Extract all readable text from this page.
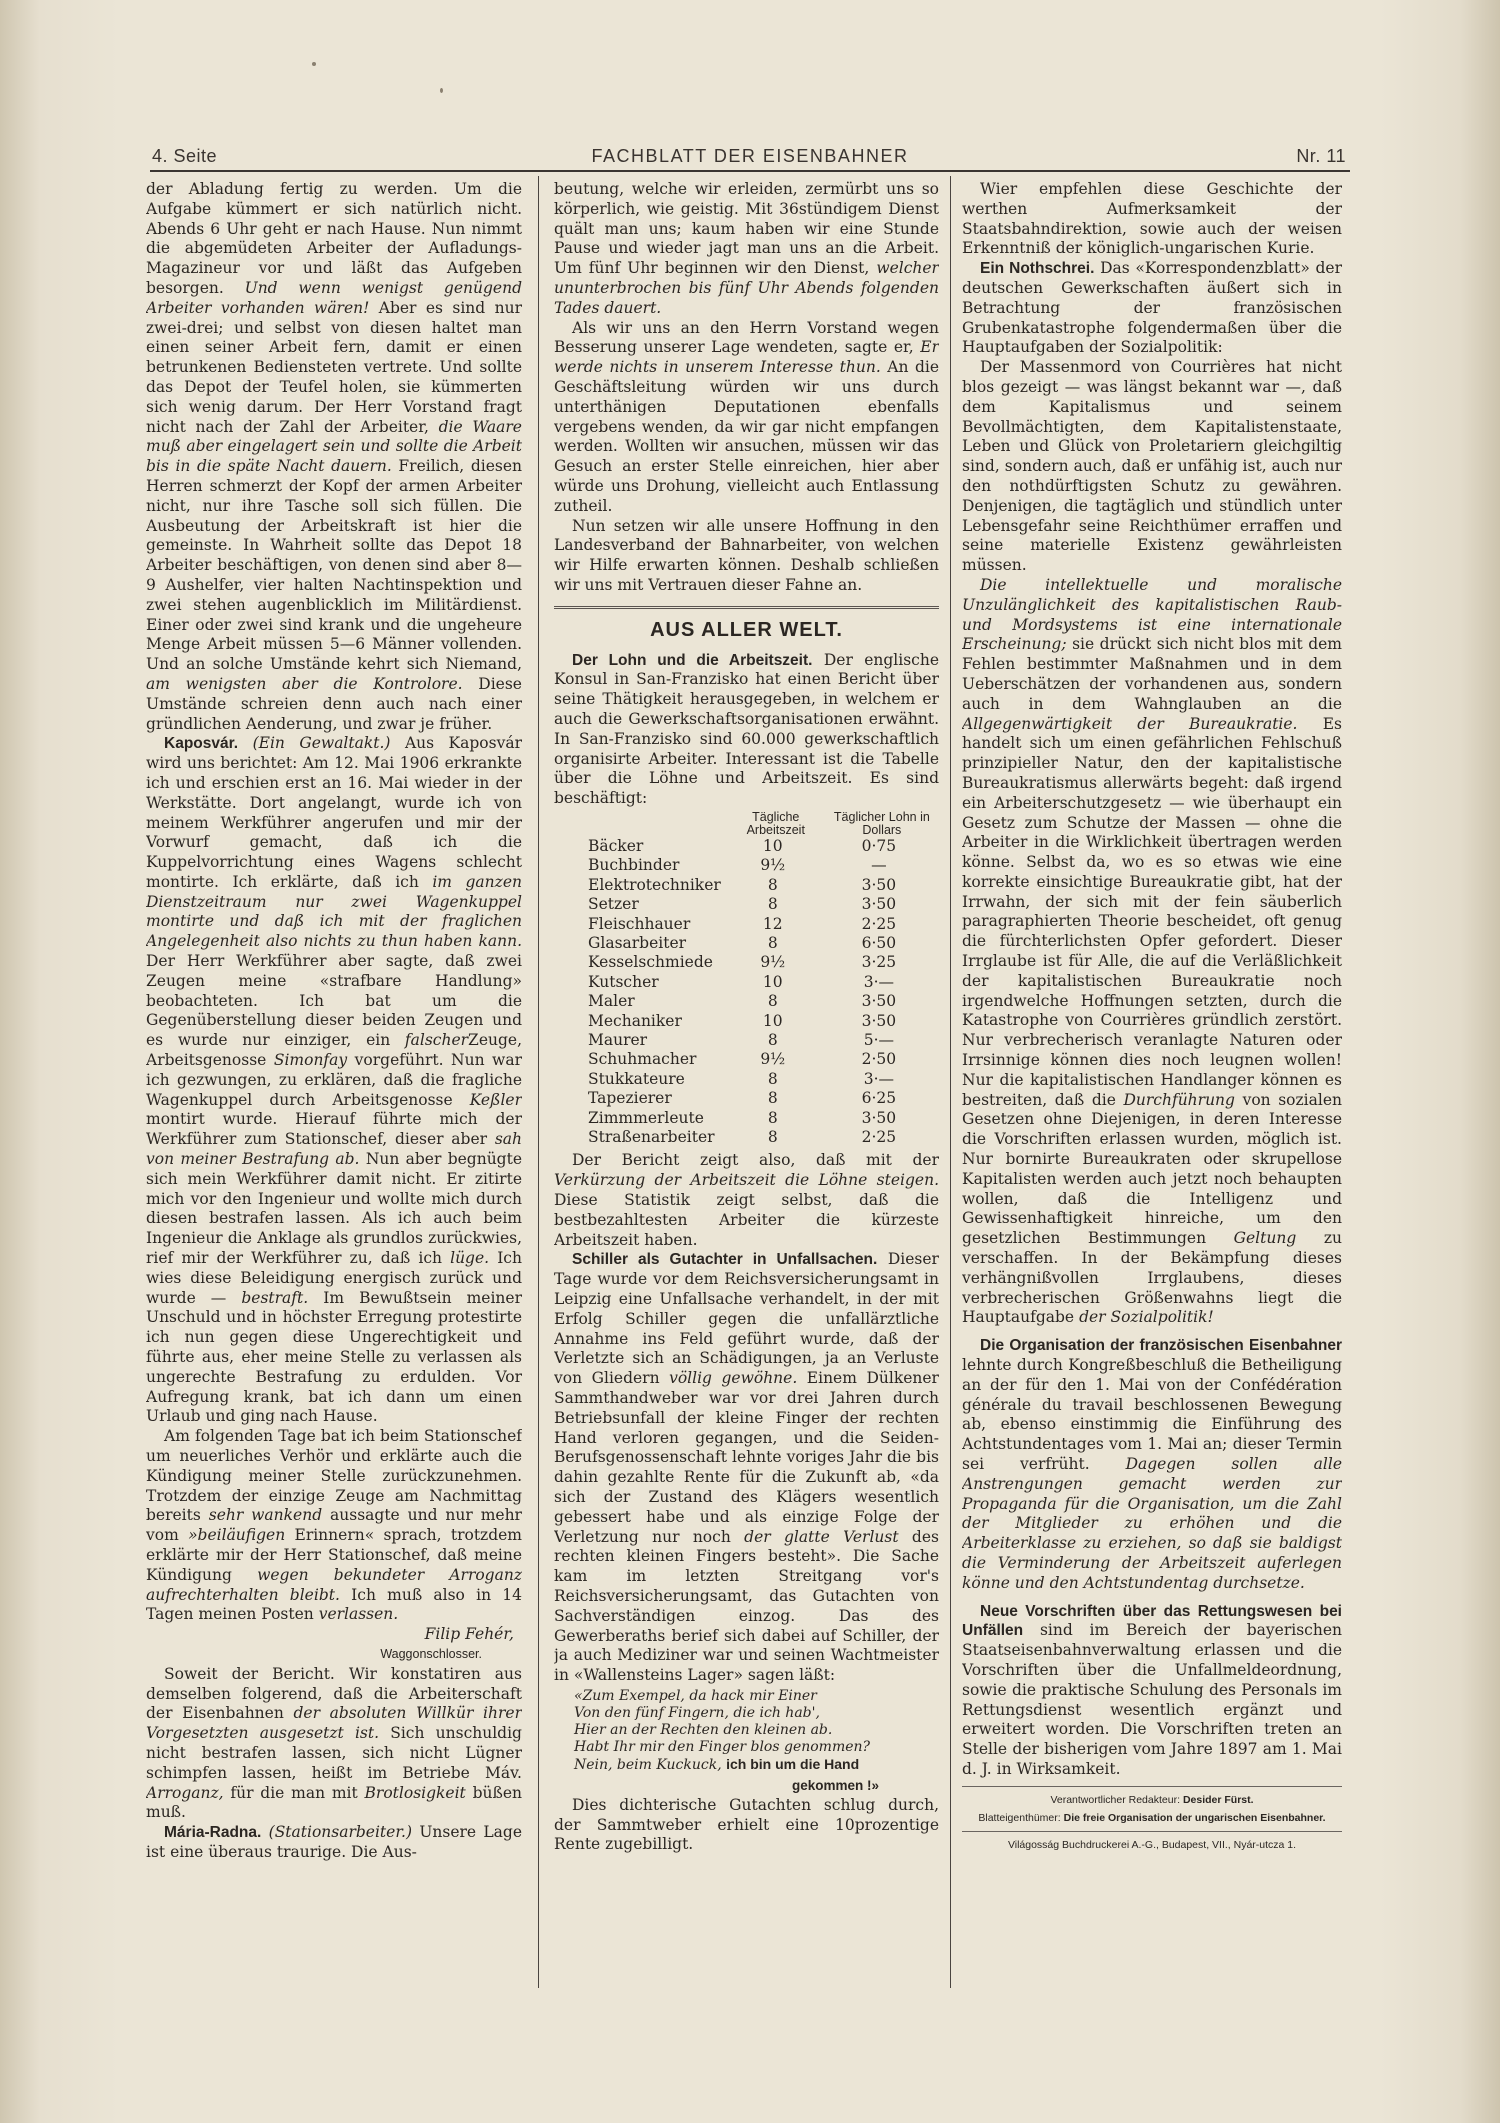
4. Seite	FACHBLATT DER EISENBAHNER	Nr. 11

der Abladung fertig zu werden. Um die Aufgabe kümmert er sich natürlich nicht. Abends 6 Uhr geht er nach Hause. Nun nimmt die abgemüdeten Arbeiter der Aufladungs-Magazineur vor und läßt das Aufgeben besorgen. Und wenn wenigst genügend Arbeiter vorhanden wären! Aber es sind nur zwei-drei; und selbst von diesen haltet man einen seiner Arbeit fern, damit er einen betrunkenen Bediensteten vertrete. Und sollte das Depot der Teufel holen, sie kümmerten sich wenig darum. Der Herr Vorstand fragt nicht nach der Zahl der Arbeiter, die Waare muß aber eingelagert sein und sollte die Arbeit bis in die späte Nacht dauern. Freilich, diesen Herren schmerzt der Kopf der armen Arbeiter nicht, nur ihre Tasche soll sich füllen. Die Ausbeutung der Arbeitskraft ist hier die gemeinste. In Wahrheit sollte das Depot 18 Arbeiter beschäftigen, von denen sind aber 8—9 Aushelfer, vier halten Nachtinspektion und zwei stehen augenblicklich im Militärdienst. Einer oder zwei sind krank und die ungeheure Menge Arbeit müssen 5—6 Männer vollenden. Und an solche Umstände kehrt sich Niemand, am wenigsten aber die Kontrolore. Diese Umstände schreien denn auch nach einer gründlichen Aenderung, und zwar je früher.

Kaposvár. (Ein Gewaltakt.) Aus Kaposvár wird uns berichtet: Am 12. Mai 1906 erkrankte ich und erschien erst an 16. Mai wieder in der Werkstätte. Dort angelangt, wurde ich von meinem Werkführer angerufen und mir der Vorwurf gemacht, daß ich die Kuppelvorrichtung eines Wagens schlecht montirte. Ich erklärte, daß ich im ganzen Dienstzeitraum nur zwei Wagenkuppel montirte und daß ich mit der fraglichen Angelegenheit also nichts zu thun haben kann. Der Herr Werkführer aber sagte, daß zwei Zeugen meine «strafbare Handlung» beobachteten. Ich bat um die Gegenüberstellung dieser beiden Zeugen und es wurde nur einziger, ein falscherZeuge, Arbeitsgenosse Simonfay vorgeführt. Nun war ich gezwungen, zu erklären, daß die fragliche Wagenkuppel durch Arbeitsgenosse Keßler montirt wurde. Hierauf führte mich der Werkführer zum Stationschef, dieser aber sah von meiner Bestrafung ab. Nun aber begnügte sich mein Werkführer damit nicht. Er zitirte mich vor den Ingenieur und wollte mich durch diesen bestrafen lassen. Als ich auch beim Ingenieur die Anklage als grundlos zurückwies, rief mir der Werkführer zu, daß ich lüge. Ich wies diese Beleidigung energisch zurück und wurde — bestraft. Im Bewußtsein meiner Unschuld und in höchster Erregung protestirte ich nun gegen diese Ungerechtigkeit und führte aus, eher meine Stelle zu verlassen als ungerechte Bestrafung zu erdulden. Vor Aufregung krank, bat ich dann um einen Urlaub und ging nach Hause.

Am folgenden Tage bat ich beim Stationschef um neuerliches Verhör und erklärte auch die Kündigung meiner Stelle zurückzunehmen. Trotzdem der einzige Zeuge am Nachmittag bereits sehr wankend aussagte und nur mehr vom »beiläufigen Erinnern« sprach, trotzdem erklärte mir der Herr Stationschef, daß meine Kündigung wegen bekundeter Arroganz aufrechterhalten bleibt. Ich muß also in 14 Tagen meinen Posten verlassen.

Filip Fehér,
Waggonschlosser.

Soweit der Bericht. Wir konstatiren aus demselben folgerend, daß die Arbeiterschaft der Eisenbahnen der absoluten Willkür ihrer Vorgesetzten ausgesetzt ist. Sich unschuldig nicht bestrafen lassen, sich nicht Lügner schimpfen lassen, heißt im Betriebe Máv. Arroganz, für die man mit Brotlosigkeit büßen muß.

Mária-Radna. (Stationsarbeiter.) Unsere Lage ist eine überaus traurige. Die Aus-

beutung, welche wir erleiden, zermürbt uns so körperlich, wie geistig. Mit 36stündigem Dienst quält man uns; kaum haben wir eine Stunde Pause und wieder jagt man uns an die Arbeit. Um fünf Uhr beginnen wir den Dienst, welcher ununterbrochen bis fünf Uhr Abends folgenden Tades dauert.

Als wir uns an den Herrn Vorstand wegen Besserung unserer Lage wendeten, sagte er, Er werde nichts in unserem Interesse thun. An die Geschäftsleitung würden wir uns durch unterthänigen Deputationen ebenfalls vergebens wenden, da wir gar nicht empfangen werden. Wollten wir ansuchen, müssen wir das Gesuch an erster Stelle einreichen, hier aber würde uns Drohung, vielleicht auch Entlassung zutheil.

Nun setzen wir alle unsere Hoffnung in den Landesverband der Bahnarbeiter, von welchen wir Hilfe erwarten können. Deshalb schließen wir uns mit Vertrauen dieser Fahne an.

AUS ALLER WELT.

Der Lohn und die Arbeitszeit. Der englische Konsul in San-Franzisko hat einen Bericht über seine Thätigkeit herausgegeben, in welchem er auch die Gewerkschaftsorganisationen erwähnt. In San-Franzisko sind 60.000 gewerkschaftlich organisirte Arbeiter. Interessant ist die Tabelle über die Löhne und Arbeitszeit. Es sind beschäftigt:

	Tägliche Arbeitszeit	Täglicher Lohn in Dollars
Bäcker	10	0·75
Buchbinder	9½	—
Elektrotechniker	8	3·50
Setzer	8	3·50
Fleischhauer	12	2·25
Glasarbeiter	8	6·50
Kesselschmiede	9½	3·25
Kutscher	10	3·—
Maler	8	3·50
Mechaniker	10	3·50
Maurer	8	5·—
Schuhmacher	9½	2·50
Stukkateure	8	3·—
Tapezierer	8	6·25
Zimmmerleute	8	3·50
Straßenarbeiter	8	2·25

Der Bericht zeigt also, daß mit der Verkürzung der Arbeitszeit die Löhne steigen. Diese Statistik zeigt selbst, daß die bestbezahltesten Arbeiter die kürzeste Arbeitszeit haben.

Schiller als Gutachter in Unfallsachen. Dieser Tage wurde vor dem Reichsversicherungsamt in Leipzig eine Unfallsache verhandelt, in der mit Erfolg Schiller gegen die unfallärztliche Annahme ins Feld geführt wurde, daß der Verletzte sich an Schädigungen, ja an Verluste von Gliedern völlig gewöhne. Einem Dülkener Sammthandweber war vor drei Jahren durch Betriebsunfall der kleine Finger der rechten Hand verloren gegangen, und die Seiden-Berufsgenossenschaft lehnte voriges Jahr die bis dahin gezahlte Rente für die Zukunft ab, «da sich der Zustand des Klägers wesentlich gebessert habe und als einzige Folge der Verletzung nur noch der glatte Verlust des rechten kleinen Fingers besteht». Die Sache kam im letzten Streitgang vor's Reichsversicherungsamt, das Gutachten von Sachverständigen einzog. Das des Gewerberaths berief sich dabei auf Schiller, der ja auch Mediziner war und seinen Wachtmeister in «Wallensteins Lager» sagen läßt:

«Zum Exempel, da hack mir Einer
Von den fünf Fingern, die ich hab',
Hier an der Rechten den kleinen ab.
Habt Ihr mir den Finger blos genommen?
Nein, beim Kuckuck, ich bin um die Hand
gekommen !»

Dies dichterische Gutachten schlug durch, der Sammtweber erhielt eine 10prozentige Rente zugebilligt.

Wier empfehlen diese Geschichte der werthen Aufmerksamkeit der Staatsbahndirektion, sowie auch der weisen Erkenntniß der königlich-ungarischen Kurie.

Ein Nothschrei. Das «Korrespondenzblatt» der deutschen Gewerkschaften äußert sich in Betrachtung der französischen Grubenkatastrophe folgendermaßen über die Hauptaufgaben der Sozialpolitik:

Der Massenmord von Courrières hat nicht blos gezeigt — was längst bekannt war —, daß dem Kapitalismus und seinem Bevollmächtigten, dem Kapitalistenstaate, Leben und Glück von Proletariern gleichgiltig sind, sondern auch, daß er unfähig ist, auch nur den nothdürftigsten Schutz zu gewähren. Denjenigen, die tagtäglich und stündlich unter Lebensgefahr seine Reichthümer erraffen und seine materielle Existenz gewährleisten müssen.

Die intellektuelle und moralische Unzulänglichkeit des kapitalistischen Raub- und Mordsystems ist eine internationale Erscheinung; sie drückt sich nicht blos mit dem Fehlen bestimmter Maßnahmen und in dem Ueberschätzen der vorhandenen aus, sondern auch in dem Wahnglauben an die Allgegenwärtigkeit der Bureaukratie. Es handelt sich um einen gefährlichen Fehlschuß prinzipieller Natur, den der kapitalistische Bureaukratismus allerwärts begeht: daß irgend ein Arbeiterschutzgesetz — wie überhaupt ein Gesetz zum Schutze der Massen — ohne die Arbeiter in die Wirklichkeit übertragen werden könne. Selbst da, wo es so etwas wie eine korrekte einsichtige Bureaukratie gibt, hat der Irrwahn, der sich mit der fein säuberlich paragraphierten Theorie bescheidet, oft genug die fürchterlichsten Opfer gefordert. Dieser Irrglaube ist für Alle, die auf die Verläßlichkeit der kapitalistischen Bureaukratie noch irgendwelche Hoffnungen setzten, durch die Katastrophe von Courrières gründlich zerstört. Nur verbrecherisch veranlagte Naturen oder Irrsinnige können dies noch leugnen wollen! Nur die kapitalistischen Handlanger können es bestreiten, daß die Durchführung von sozialen Gesetzen ohne Diejenigen, in deren Interesse die Vorschriften erlassen wurden, möglich ist. Nur bornirte Bureaukraten oder skrupellose Kapitalisten werden auch jetzt noch behaupten wollen, daß die Intelligenz und Gewissenhaftigkeit hinreiche, um den gesetzlichen Bestimmungen Geltung zu verschaffen. In der Bekämpfung dieses verhängnißvollen Irrglaubens, dieses verbrecherischen Größenwahns liegt die Hauptaufgabe der Sozialpolitik!

Die Organisation der französischen Eisenbahner lehnte durch Kongreßbeschluß die Betheiligung an der für den 1. Mai von der Confédération générale du travail beschlossenen Bewegung ab, ebenso einstimmig die Einführung des Achtstundentages vom 1. Mai an; dieser Termin sei verfrüht. Dagegen sollen alle Anstrengungen gemacht werden zur Propaganda für die Organisation, um die Zahl der Mitglieder zu erhöhen und die Arbeiterklasse zu erziehen, so daß sie baldigst die Verminderung der Arbeitszeit auferlegen könne und den Achtstundentag durchsetze.

Neue Vorschriften über das Rettungswesen bei Unfällen sind im Bereich der bayerischen Staatseisenbahnverwaltung erlassen und die Vorschriften über die Unfallmeldeordnung, sowie die praktische Schulung des Personals im Rettungsdienst wesentlich ergänzt und erweitert worden. Die Vorschriften treten an Stelle der bisherigen vom Jahre 1897 am 1. Mai d. J. in Wirksamkeit.

Verantwortlicher Redakteur: Desider Fürst.
Blatteigenthümer: Die freie Organisation der ungarischen Eisenbahner.
Világosság Buchdruckerei A.-G., Budapest, VII., Nyár-utcza 1.
